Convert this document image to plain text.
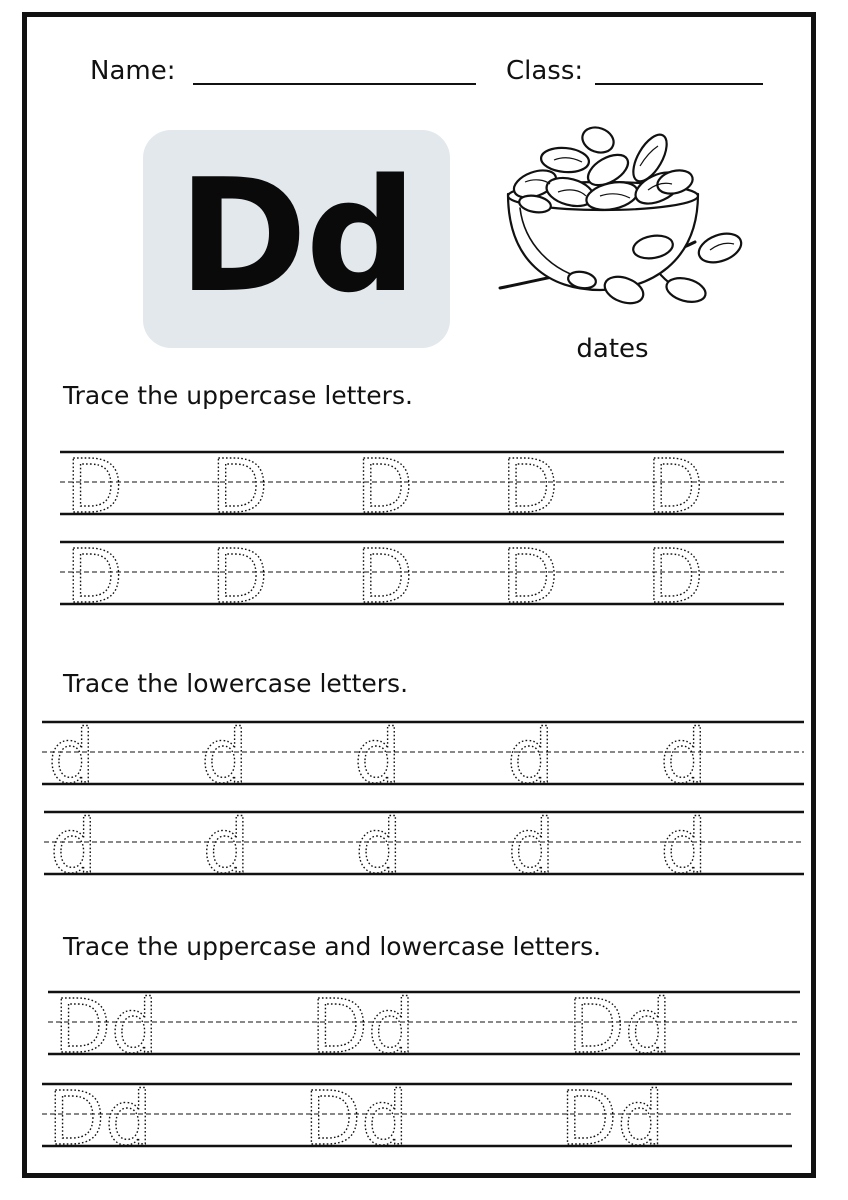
Name:	Class:
Dd
dates
Trace the uppercase letters.
Trace the lowercase letters.
Trace the uppercase and lowercase letters.
D D D D D
D D D D D
d d d d d
d d d d d
Dd Dd Dd
Dd Dd Dd
